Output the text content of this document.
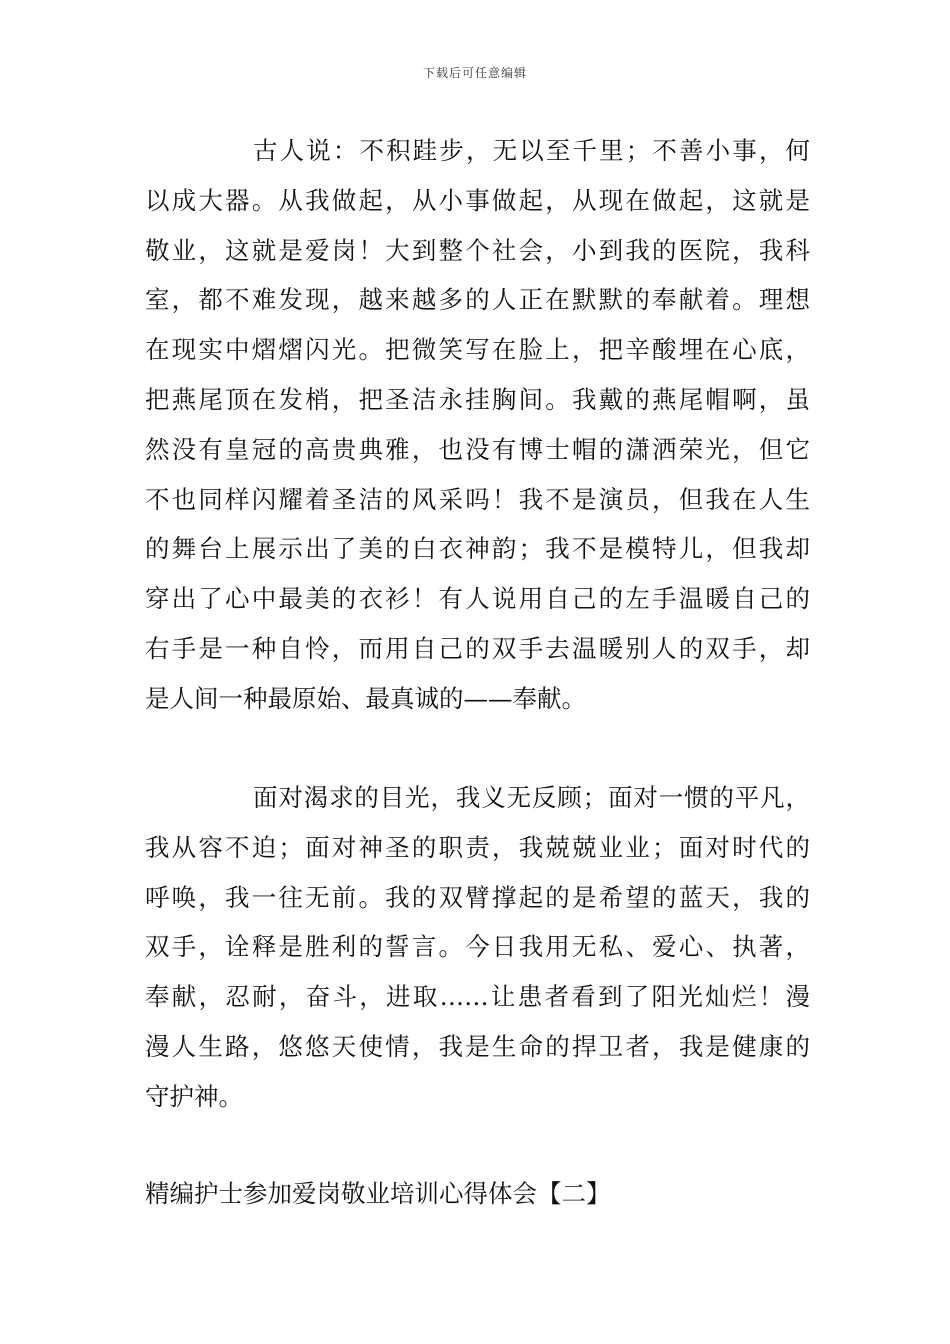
下载后可任意编辑
古人说：不积跬步，无以至千里；不善小事，何
以成大器。从我做起，从小事做起，从现在做起，这就是
敬业，这就是爱岗！大到整个社会，小到我的医院，我科
室，都不难发现，越来越多的人正在默默的奉献着。理想
在现实中熠熠闪光。把微笑写在脸上，把辛酸埋在心底，
把燕尾顶在发梢，把圣洁永挂胸间。我戴的燕尾帽啊，虽
然没有皇冠的高贵典雅，也没有博士帽的潇洒荣光，但它
不也同样闪耀着圣洁的风采吗！我不是演员，但我在人生
的舞台上展示出了美的白衣神韵；我不是模特儿，但我却
穿出了心中最美的衣衫！有人说用自己的左手温暖自己的
右手是一种自怜，而用自己的双手去温暖别人的双手，却
是人间一种最原始、最真诚的——奉献。
面对渴求的目光，我义无反顾；面对一惯的平凡，
我从容不迫；面对神圣的职责，我兢兢业业；面对时代的
呼唤，我一往无前。我的双臂撑起的是希望的蓝天，我的
双手，诠释是胜利的誓言。今日我用无私、爱心、执著，
奉献，忍耐，奋斗，进取……让患者看到了阳光灿烂！漫
漫人生路，悠悠天使情，我是生命的捍卫者，我是健康的
守护神。
精编护士参加爱岗敬业培训心得体会【二】
